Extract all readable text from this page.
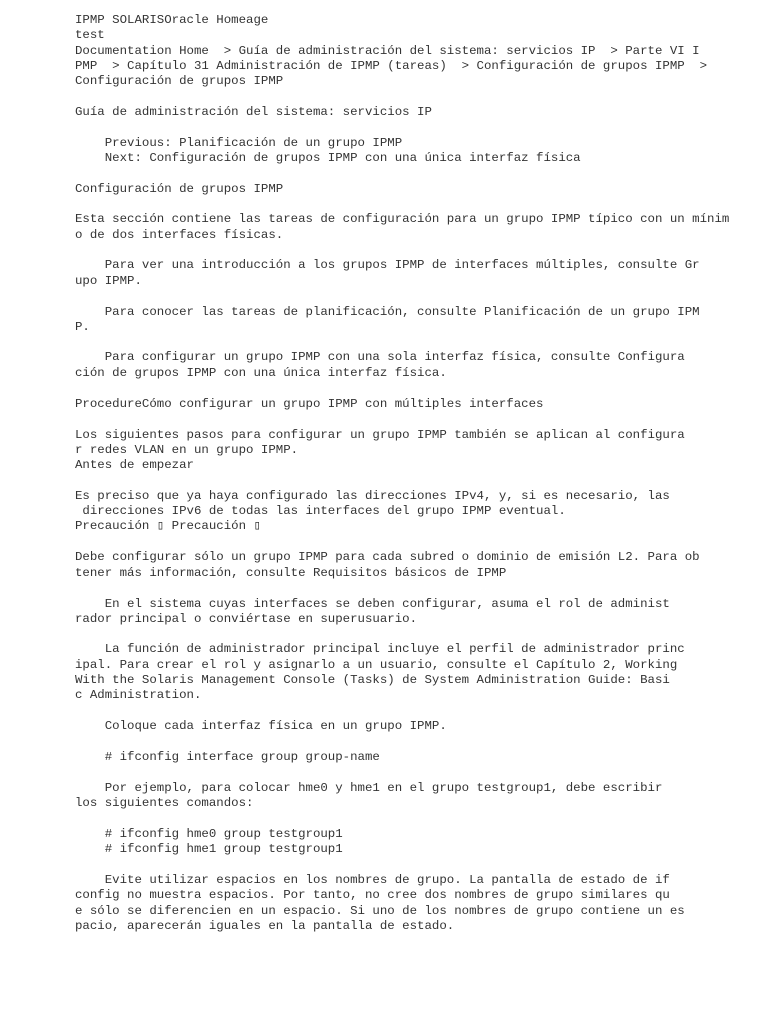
IPMP SOLARISOracle Homeage
test
Documentation Home  > Guía de administración del sistema: servicios IP  > Parte VI I
PMP  > Capítulo 31 Administración de IPMP (tareas)  > Configuración de grupos IPMP  >
Configuración de grupos IPMP
Guía de administración del sistema: servicios IP
Previous: Planificación de un grupo IPMP
Next: Configuración de grupos IPMP con una única interfaz física
Configuración de grupos IPMP
Esta sección contiene las tareas de configuración para un grupo IPMP típico con un mínim
o de dos interfaces físicas.
Para ver una introducción a los grupos IPMP de interfaces múltiples, consulte Gr
upo IPMP.
Para conocer las tareas de planificación, consulte Planificación de un grupo IPM
P.
Para configurar un grupo IPMP con una sola interfaz física, consulte Configura
ción de grupos IPMP con una única interfaz física.
ProcedureCómo configurar un grupo IPMP con múltiples interfaces
Los siguientes pasos para configurar un grupo IPMP también se aplican al configura
r redes VLAN en un grupo IPMP.
Antes de empezar
Es preciso que ya haya configurado las direcciones IPv4, y, si es necesario, las
direcciones IPv6 de todas las interfaces del grupo IPMP eventual.
Precaución ▯ Precaución ▯
Debe configurar sólo un grupo IPMP para cada subred o dominio de emisión L2. Para ob
tener más información, consulte Requisitos básicos de IPMP
En el sistema cuyas interfaces se deben configurar, asuma el rol de administ
rador principal o conviértase en superusuario.
La función de administrador principal incluye el perfil de administrador princ
ipal. Para crear el rol y asignarlo a un usuario, consulte el Capítulo 2, Working
With the Solaris Management Console (Tasks) de System Administration Guide: Basi
c Administration.
Coloque cada interfaz física en un grupo IPMP.
# ifconfig interface group group-name
Por ejemplo, para colocar hme0 y hme1 en el grupo testgroup1, debe escribir
los siguientes comandos:
# ifconfig hme0 group testgroup1
# ifconfig hme1 group testgroup1
Evite utilizar espacios en los nombres de grupo. La pantalla de estado de if
config no muestra espacios. Por tanto, no cree dos nombres de grupo similares qu
e sólo se diferencien en un espacio. Si uno de los nombres de grupo contiene un es
pacio, aparecerán iguales en la pantalla de estado.
